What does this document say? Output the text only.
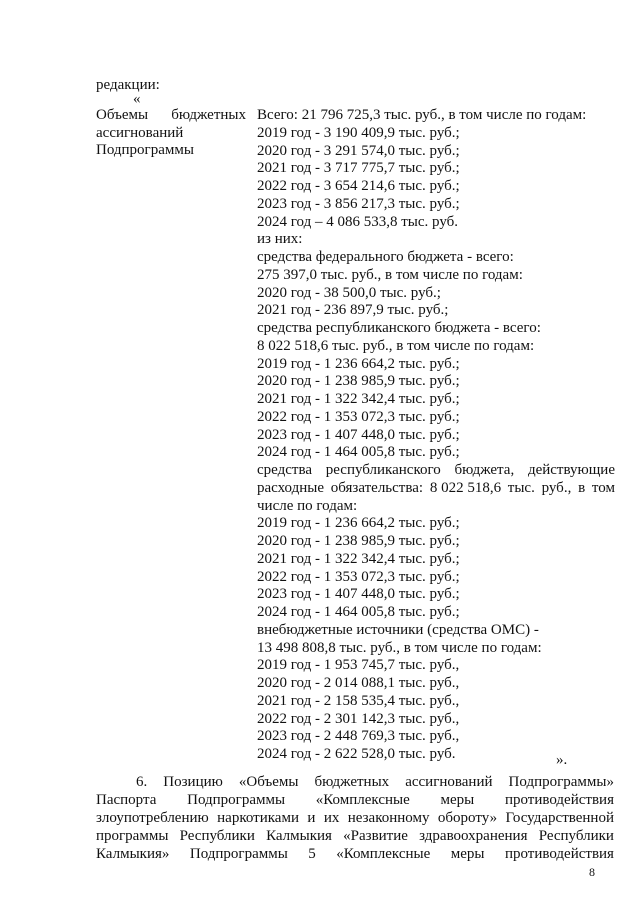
редакции:
«
Объемы бюджетных
ассигнований
Подпрограммы
Всего: 21 796 725,3 тыс. руб., в том числе по годам:
2019 год - 3 190 409,9 тыс. руб.;
2020 год - 3 291 574,0 тыс. руб.;
2021 год - 3 717 775,7 тыс. руб.;
2022 год - 3 654 214,6 тыс. руб.;
2023 год - 3 856 217,3 тыс. руб.;
2024 год – 4 086 533,8 тыс. руб.
из них:
средства федерального бюджета - всего:
275 397,0 тыс. руб., в том числе по годам:
2020 год - 38 500,0 тыс. руб.;
2021 год - 236 897,9 тыс. руб.;
средства республиканского бюджета - всего:
8 022 518,6 тыс. руб., в том числе по годам:
2019 год - 1 236 664,2 тыс. руб.;
2020 год - 1 238 985,9 тыс. руб.;
2021 год - 1 322 342,4 тыс. руб.;
2022 год - 1 353 072,3 тыс. руб.;
2023 год - 1 407 448,0 тыс. руб.;
2024 год - 1 464 005,8 тыс. руб.;
средства республиканского бюджета, действующие
расходные обязательства: 8 022 518,6 тыс. руб., в том
числе по годам:
2019 год - 1 236 664,2 тыс. руб.;
2020 год - 1 238 985,9 тыс. руб.;
2021 год - 1 322 342,4 тыс. руб.;
2022 год - 1 353 072,3 тыс. руб.;
2023 год - 1 407 448,0 тыс. руб.;
2024 год - 1 464 005,8 тыс. руб.;
внебюджетные источники (средства ОМС) -
13 498 808,8 тыс. руб., в том числе по годам:
2019 год - 1 953 745,7 тыс. руб.,
2020 год - 2 014 088,1 тыс. руб.,
2021 год - 2 158 535,4 тыс. руб.,
2022 год - 2 301 142,3 тыс. руб.,
2023 год - 2 448 769,3 тыс. руб.,
2024 год - 2 622 528,0 тыс. руб.	».
6. Позицию «Объемы бюджетных ассигнований Подпрограммы»
Паспорта Подпрограммы «Комплексные меры противодействия
злоупотреблению наркотиками и их незаконному обороту» Государственной
программы Республики Калмыкия «Развитие здравоохранения Республики
Калмыкия» Подпрограммы 5 «Комплексные меры противодействия
8
